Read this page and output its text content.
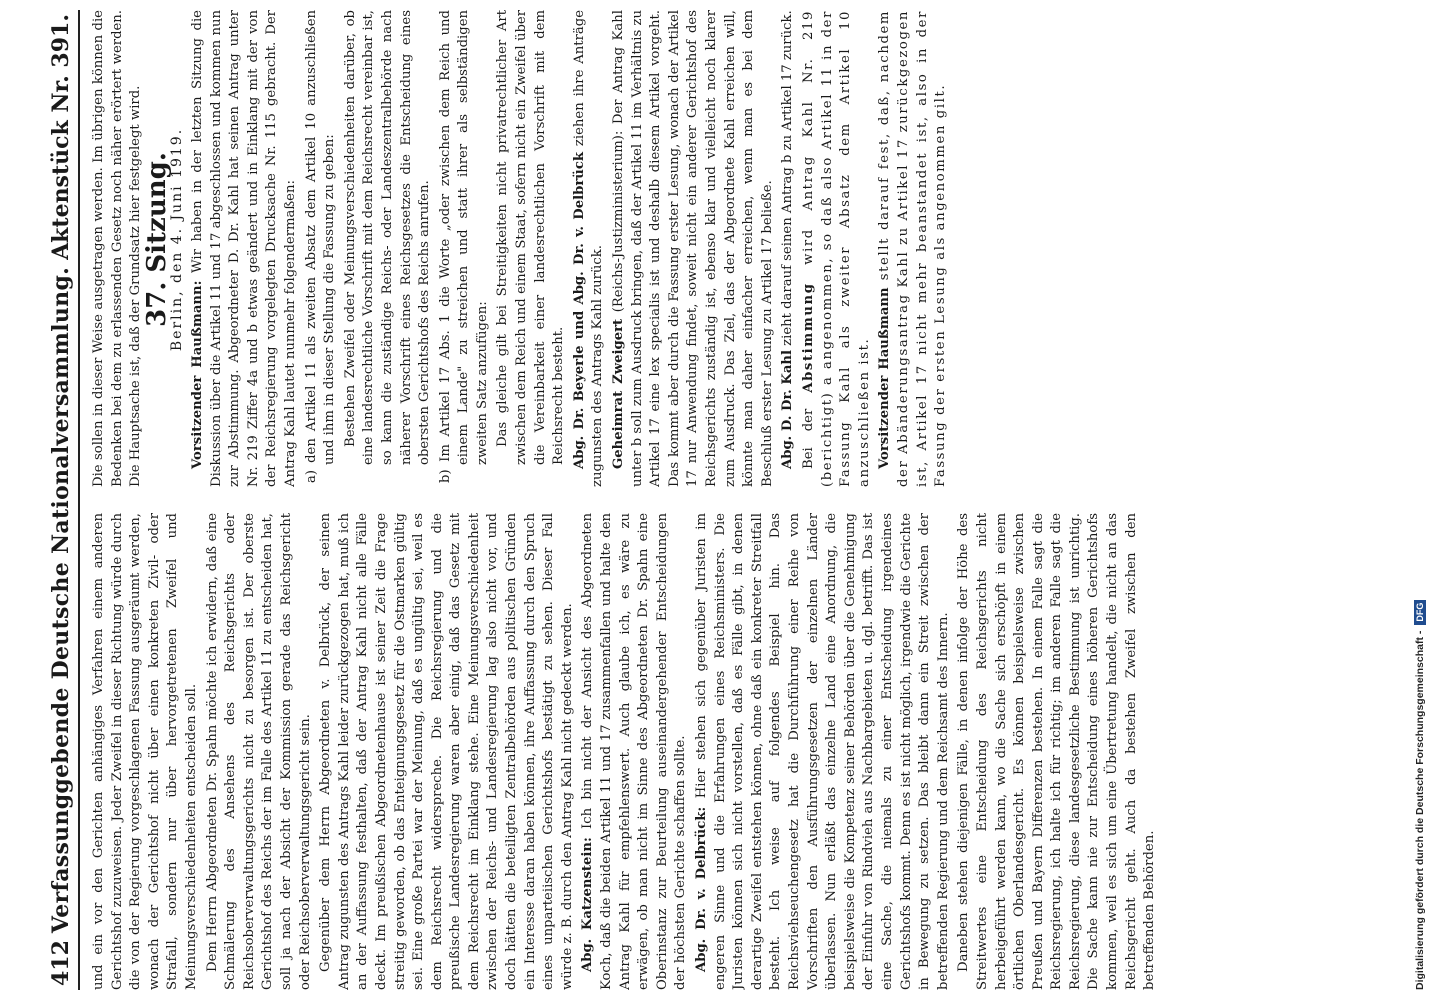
412
Verfassunggebende Deutsche Nationalversammlung.
Aktenstück Nr. 391.

und ein vor den Gerichten anhängiges Verfahren einem anderen Gerichtshof zuzuweisen. Jeder Zweifel in dieser Richtung würde durch die von der Regierung vorgeschlagenen Fassung ausgeräumt werden, wonach der Gerichtshof nicht über einen konkreten Zivil- oder Strafall, sondern nur über hervorgetretenen Zweifel und Meinungsverschiedenheiten entscheiden soll. Dem Herrn Abgeordneten Dr. Spahn möchte ich erwidern, daß eine Schmälerung des Ansehens des Reichsgerichts oder Reichsoberverwaltungsgerichts nicht zu besorgen ist. Der oberste Gerichtshof des Reichs der im Falle des Artikel 11 zu entscheiden hat, soll ja nach der Absicht der Kommission gerade das Reichsgericht oder Reichsoberverwaltungsgericht sein. Gegenüber dem Herrn Abgeordneten v. Delbrück, der seinen Antrag zugunsten des Antrags Kahl leider zurückgezogen hat, muß ich an der Auffassung festhalten, daß der Antrag Kahl nicht alle Fälle deckt. Im preußischen Abgeordnetenhause ist seiner Zeit die Frage streitig geworden, ob das Enteignungsgesetz für die Ostmarken gültig sei. Eine große Partei war der Meinung, daß es ungültig sei, weil es dem Reichsrecht widerspreche. Die Reichsregierung und die preußische Landesregierung waren aber einig, daß das Gesetz mit dem Reichsrecht im Einklang stehe. Eine Meinungsverschiedenheit zwischen der Reichs- und Landesregierung lag also nicht vor, und doch hätten die beteiligten Zentralbehörden aus politischen Gründen ein Interesse daran haben können, ihre Auffassung durch den Spruch eines unparteiischen Gerichtshofs bestätigt zu sehen. Dieser Fall würde z. B. durch den Antrag Kahl nicht gedeckt werden. Abg. Katzenstein: Ich bin nicht der Ansicht des Abgeordneten Koch, daß die beiden Artikel 11 und 17 zusammenfallen und halte den Antrag Kahl für empfehlenswert. Auch glaube ich, es wäre zu erwägen, ob man nicht im Sinne des Abgeordneten Dr. Spahn eine Oberinstanz zur Beurteilung auseinandergehender Entscheidungen der höchsten Gerichte schaffen sollte. Abg. Dr. v. Delbrück: Hier stehen sich gegenüber Juristen im engeren Sinne und die Erfahrungen eines Reichsministers. Die Juristen können sich nicht vorstellen, daß es Fälle gibt, in denen derartige Zweifel entstehen können, ohne daß ein konkreter Streitfall besteht. Ich weise auf folgendes Beispiel hin. Das Reichsviehseuchengesetz hat die Durchführung einer Reihe von Vorschriften den Ausführungsgesetzen der einzelnen Länder überlassen. Nun erläßt das einzelne Land eine Anordnung, die beispielsweise die Kompetenz seiner Behörden über die Genehmigung der Einfuhr von Rindvieh aus Nachbargebieten u. dgl. betrifft. Das ist eine Sache, die niemals zu einer Entscheidung irgendeines Gerichtshofs kommt. Denn es ist nicht möglich, irgendwie die Gerichte in Bewegung zu setzen. Das bleibt dann ein Streit zwischen der betreffenden Regierung und dem Reichsamt des Innern. Daneben stehen diejenigen Fälle, in denen infolge der Höhe des Streitwertes eine Entscheidung des Reichsgerichts nicht herbeigeführt werden kann, wo die Sache sich erschöpft in einem örtlichen Oberlandesgericht. Es können beispielsweise zwischen Preußen und Bayern Differenzen bestehen. In einem Falle sagt die Reichsregierung, ich halte ich für richtig; im anderen Falle sagt die Reichsregierung, diese landesgesetzliche Bestimmung ist unrichtig. Die Sache kann nie zur Entscheidung eines höheren Gerichtshofs kommen, weil es sich um eine Übertretung handelt, die nicht an das Reichsgericht geht. Auch da bestehen Zweifel zwischen den betreffenden Behörden.

Die sollen in dieser Weise ausgetragen werden. Im übrigen können die Bedenken bei dem zu erlassenden Gesetz noch näher erörtert werden. Die Hauptsache ist, daß der Grundsatz hier festgelegt wird.

37. Sitzung.

Berlin, den 4. Juni 1919.

Vorsitzender Haußmann: Wir haben in der letzten Sitzung die Diskussion über die Artikel 11 und 17 abgeschlossen und kommen nun zur Abstimmung. Abgeordneter D. Dr. Kahl hat seinen Antrag unter Nr. 219 Ziffer 4a und b etwas geändert und in Einklang mit der von der Reichsregierung vorgelegten Drucksache Nr. 115 gebracht. Der Antrag Kahl lautet nunmehr folgendermaßen: a) den Artikel 11 als zweiten Absatz dem Artikel 10 anzuschließen und ihm in dieser Stellung die Fassung zu geben: Bestehen Zweifel oder Meinungsverschiedenheiten darüber, ob eine landesrechtliche Vorschrift mit dem Reichsrecht vereinbar ist, so kann die zuständige Reichs- oder Landeszentralbehörde nach näherer Vorschrift eines Reichsgesetzes die Entscheidung eines obersten Gerichtshofs des Reichs anrufen. b) Im Artikel 17 Abs. 1 die Worte „oder zwischen dem Reich und einem Lande" zu streichen und statt ihrer als selbständigen zweiten Satz anzufügen: Das gleiche gilt bei Streitigkeiten nicht privatrechtlicher Art zwischen dem Reich und einem Staat, sofern nicht ein Zweifel über die Vereinbarkeit einer landesrechtlichen Vorschrift mit dem Reichsrecht besteht. Abg. Dr. Beyerle und Abg. Dr. v. Delbrück ziehen ihre Anträge zugunsten des Antrags Kahl zurück. Geheimrat Zweigert (Reichs-Justizministerium): Der Antrag Kahl unter b soll zum Ausdruck bringen, daß der Artikel 11 im Verhältnis zu Artikel 17 eine lex specialis ist und deshalb diesem Artikel vorgeht. Das kommt aber durch die Fassung erster Lesung, wonach der Artikel 17 nur Anwendung findet, soweit nicht ein anderer Gerichtshof des Reichsgerichts zuständig ist, ebenso klar und vielleicht noch klarer zum Ausdruck. Das Ziel, das der Abgeordnete Kahl erreichen will, könnte man daher einfacher erreichen, wenn man es bei dem Beschluß erster Lesung zu Artikel 17 beließe. Abg. D. Dr. Kahl zieht darauf seinen Antrag b zu Artikel 17 zurück.

Bei der Abstimmung wird Antrag Kahl Nr. 219 (berichtigt) a angenommen, so daß also Artikel 11 in der Fassung Kahl als zweiter Absatz dem Artikel 10 anzuschließen ist. Vorsitzender Haußmann stellt darauf fest, daß, nachdem der Abänderungsantrag Kahl zu Artikel 17 zurückgezogen ist, Artikel 17 nicht mehr beanstandet ist, also in der Fassung der ersten Lesung als angenommen gilt.

Digitalisierung gefördert durch die Deutsche Forschungsgemeinschaft -
DFG
